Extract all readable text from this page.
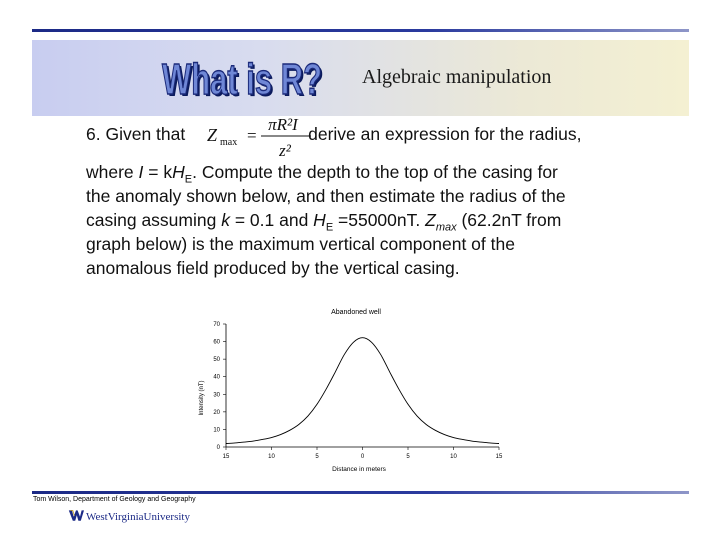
What is R?
What is R? Algebraic manipulation
6. Given that	derive an expression for the radius,
Z max =
πR²I
z²
where $I = kH_E$. Compute the depth to the top of the casing for
the anomaly shown below, and then estimate the radius of the
casing assuming k = 0.1 and $H_E =55000nT$. $Z_{max}$ (62.2nT from
graph below) is the maximum vertical component of the
anomalous field produced by the vertical casing.
Abandoned well
Intensity (nT)
Distance in meters
15	10	5	0	5	10	15
0
10
20
30
40
50
60
70
Tom Wilson, Department of Geology and Geography
WestVirginiaUniversity
